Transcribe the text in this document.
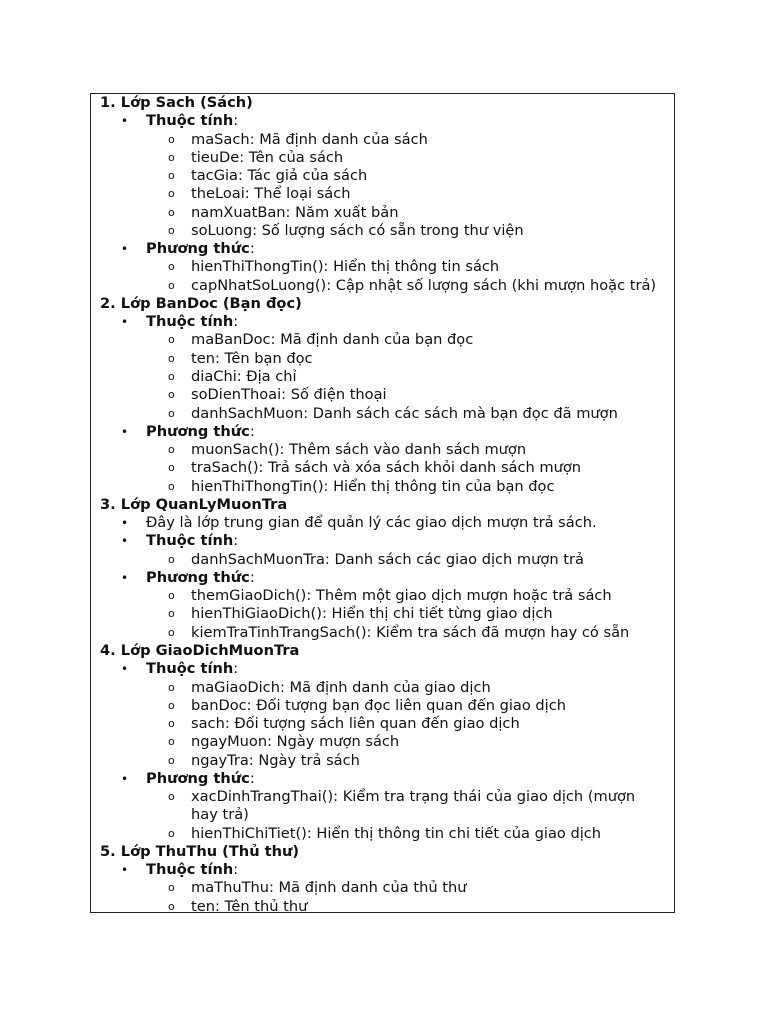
1. Lớp Sach (Sách)
• Thuộc tính:
o maSach: Mã định danh của sách
o tieuDe: Tên của sách
o tacGia: Tác giả của sách
o theLoai: Thể loại sách
o namXuatBan: Năm xuất bản
o soLuong: Số lượng sách có sẵn trong thư viện
• Phương thức:
o hienThiThongTin(): Hiển thị thông tin sách
o capNhatSoLuong(): Cập nhật số lượng sách (khi mượn hoặc trả)
2. Lớp BanDoc (Bạn đọc)
• Thuộc tính:
o maBanDoc: Mã định danh của bạn đọc
o ten: Tên bạn đọc
o diaChi: Địa chỉ
o soDienThoai: Số điện thoại
o danhSachMuon: Danh sách các sách mà bạn đọc đã mượn
• Phương thức:
o muonSach(): Thêm sách vào danh sách mượn
o traSach(): Trả sách và xóa sách khỏi danh sách mượn
o hienThiThongTin(): Hiển thị thông tin của bạn đọc
3. Lớp QuanLyMuonTra
• Đây là lớp trung gian để quản lý các giao dịch mượn trả sách.
• Thuộc tính:
o danhSachMuonTra: Danh sách các giao dịch mượn trả
• Phương thức:
o themGiaoDich(): Thêm một giao dịch mượn hoặc trả sách
o hienThiGiaoDich(): Hiển thị chi tiết từng giao dịch
o kiemTraTinhTrangSach(): Kiểm tra sách đã mượn hay có sẵn
4. Lớp GiaoDichMuonTra
• Thuộc tính:
o maGiaoDich: Mã định danh của giao dịch
o banDoc: Đối tượng bạn đọc liên quan đến giao dịch
o sach: Đối tượng sách liên quan đến giao dịch
o ngayMuon: Ngày mượn sách
o ngayTra: Ngày trả sách
• Phương thức:
o xacDinhTrangThai(): Kiểm tra trạng thái của giao dịch (mượn
hay trả)
o hienThiChiTiet(): Hiển thị thông tin chi tiết của giao dịch
5. Lớp ThuThu (Thủ thư)
• Thuộc tính:
o maThuThu: Mã định danh của thủ thư
o ten: Tên thủ thư
